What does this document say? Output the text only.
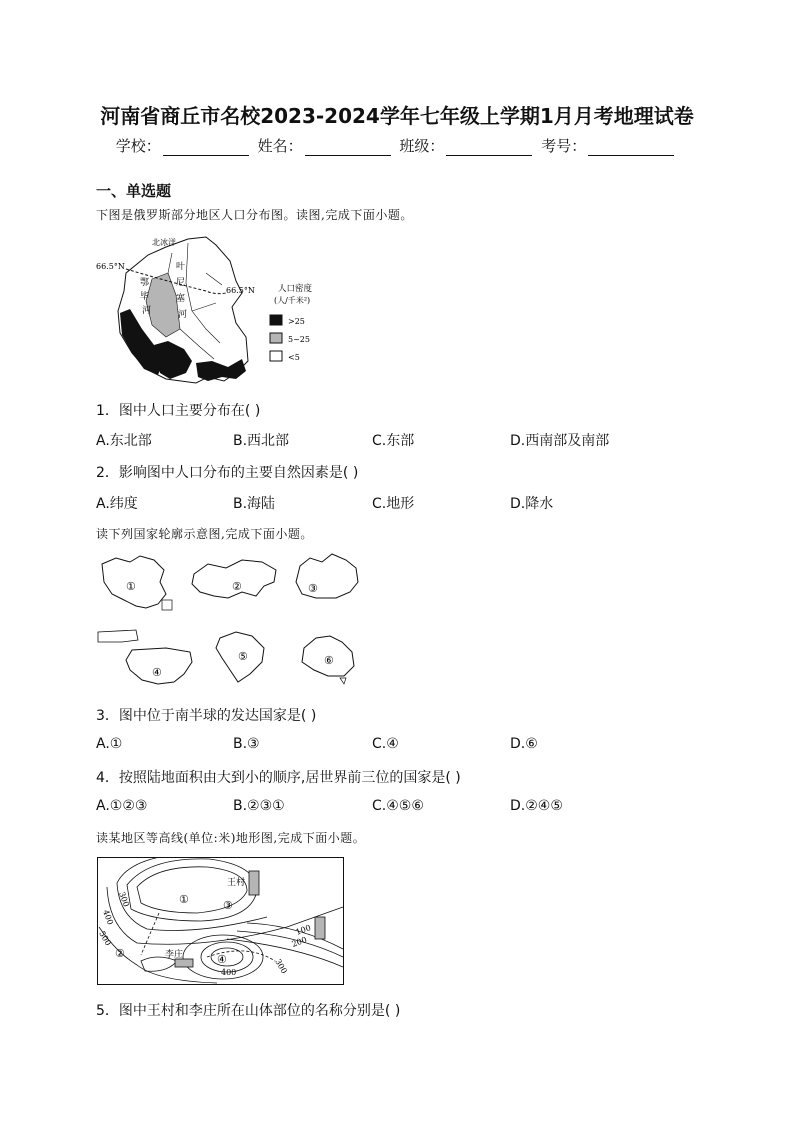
河南省商丘市名校2023-2024学年七年级上学期1月月考地理试卷
学校：	姓名：	班级：	考号：
一、单选题
下图是俄罗斯部分地区人口分布图。读图,完成下面小题。
北冰洋
66.5°N
66.5°N
鄂
毕
河
叶
尼
塞
河
人口密度
(人/千米²)
>25
5~25
<5
1．图中人口主要分布在( )
A.东北部	B.西北部	C.东部	D.西南部及南部
2．影响图中人口分布的主要自然因素是( )
A.纬度	B.海陆	C.地形	D.降水
读下列国家轮廓示意图,完成下面小题。
①	②	③
④
⑤	⑥
3．图中位于南半球的发达国家是( )
A.①	B.③	C.④	D.⑥
4．按照陆地面积由大到小的顺序,居世界前三位的国家是( )
A.①②③	B.②③①	C.④⑤⑥	D.②④⑤
读某地区等高线(单位:米)地形图,完成下面小题。
王村
李庄
①
②
③
④
300
400
500	100
200
400	300
5．图中王村和李庄所在山体部位的名称分别是( )
